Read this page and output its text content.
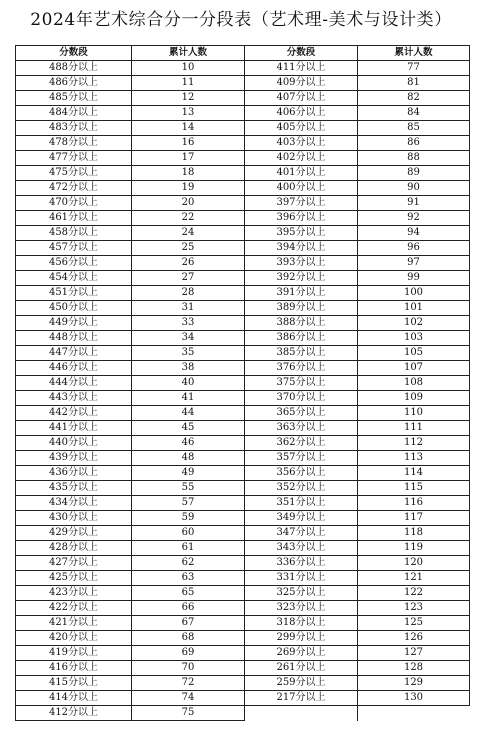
2024年艺术综合分一分段表（艺术理-美术与设计类）
分数段	累计人数	分数段	累计人数
488分以上	10	411分以上	77
486分以上	11	409分以上	81
485分以上	12	407分以上	82
484分以上	13	406分以上	84
483分以上	14	405分以上	85
478分以上	16	403分以上	86
477分以上	17	402分以上	88
475分以上	18	401分以上	89
472分以上	19	400分以上	90
470分以上	20	397分以上	91
461分以上	22	396分以上	92
458分以上	24	395分以上	94
457分以上	25	394分以上	96
456分以上	26	393分以上	97
454分以上	27	392分以上	99
451分以上	28	391分以上	100
450分以上	31	389分以上	101
449分以上	33	388分以上	102
448分以上	34	386分以上	103
447分以上	35	385分以上	105
446分以上	38	376分以上	107
444分以上	40	375分以上	108
443分以上	41	370分以上	109
442分以上	44	365分以上	110
441分以上	45	363分以上	111
440分以上	46	362分以上	112
439分以上	48	357分以上	113
436分以上	49	356分以上	114
435分以上	55	352分以上	115
434分以上	57	351分以上	116
430分以上	59	349分以上	117
429分以上	60	347分以上	118
428分以上	61	343分以上	119
427分以上	62	336分以上	120
425分以上	63	331分以上	121
423分以上	65	325分以上	122
422分以上	66	323分以上	123
421分以上	67	318分以上	125
420分以上	68	299分以上	126
419分以上	69	269分以上	127
416分以上	70	261分以上	128
415分以上	72	259分以上	129
414分以上	74	217分以上	130
412分以上	75		
